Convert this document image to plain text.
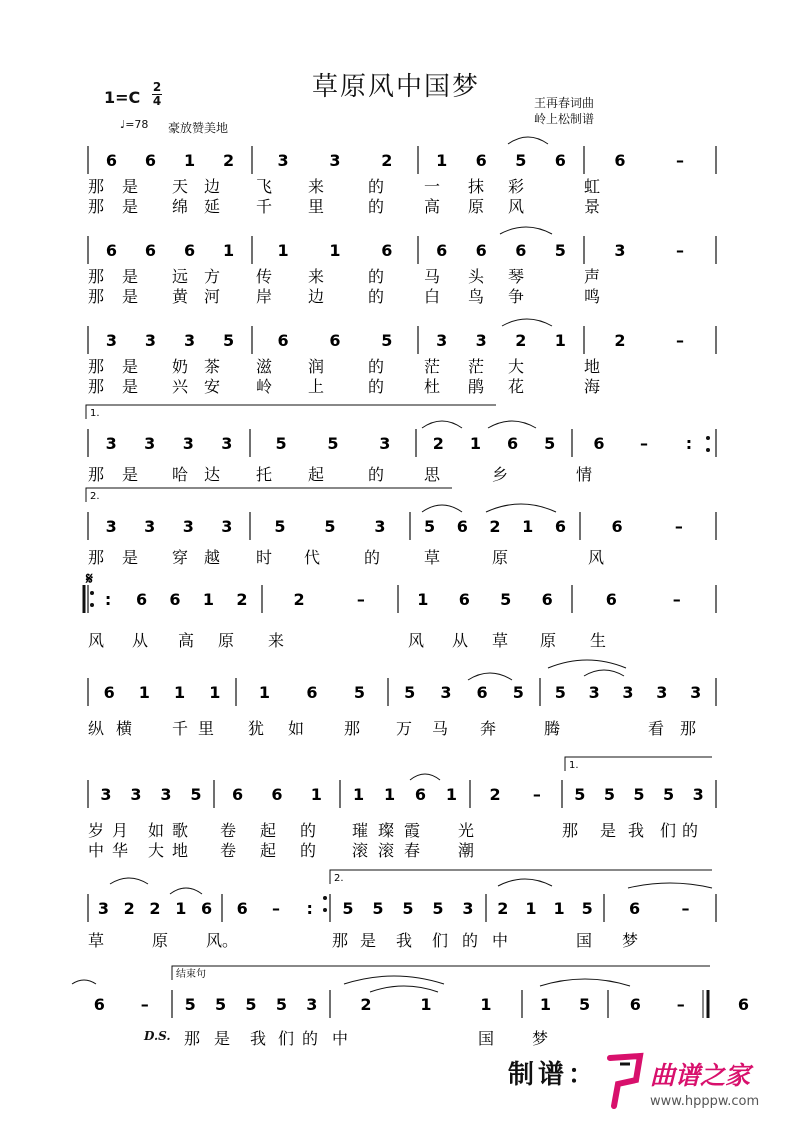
草原风中国梦
1=C
2
4
♩=78 豪放赞美地
王再春词曲
岭上松制谱
6 6 1 2	3	3	2	1 6 5 6	6	–
那 是 天 边 飞 来	的 一 抹 彩	虹
那 是 绵 延 千 里	的 高 原 风	景
6 6 6 1	1	1	6	6 6 6 5	3	–
那 是 远 方 传 来	的 马 头 琴	声
那 是 黄 河 岸 边	的 白 鸟 争	鸣
3 3 3 5	6	6	5	3 3 2 1	2	–
那 是 奶 茶 滋 润	的 茫 茫 大	地
那 是 兴 安 岭 上	的 杜 鹃 花	海
3 3 3 3	5	5	3	2 1 6 5 6 – :
那 是 哈 达 托 起	的 思	乡	情
3 3 3 3	5 5 3 5 6 2 1 6	6	–
那 是 穿 越 时 代	的	草	原	风
: 6 6 1 2	2	–	1 6 5 6	6	–
风 从 高 原 来	风 从 草 原 生
6 1 1 1 1 6 5 5 3 6 5 5 3 3 3 3
纵 横 千 里 犹 如 那 万 马 奔	腾	看 那
3 3 3 5 6 6 1 1 1 6 1 2 – 5 5 5 5 3
岁 月 如 歌 卷 起 的 璀 璨 霞 光	那 是 我 们 的
中 华 大 地 卷 起 的 滚 滚 春 潮
3 2 2 1 6 6 – : 5 5 5 5 3 2 1 1 5 6	–
草	原 风。	那 是 我 们 的 中	国 梦
6 – 5 5 5 5 3	2	1	1	1 5 6 –	6
那 是 我 们 的 中	国 梦
𝄋
1.
2.
1.
2.
结束句
D.S.
制谱： 曲谱之家
www.hpppw.com
